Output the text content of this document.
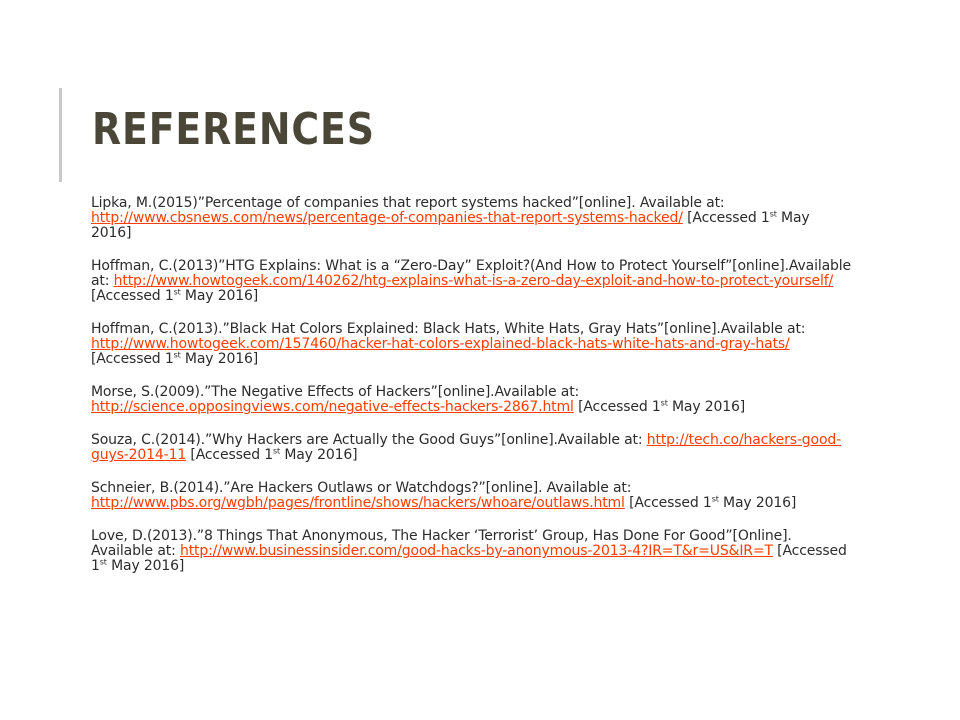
REFERENCES

Lipka, M.(2015)”Percentage of companies that report systems hacked”[online]. Available at: http://www.cbsnews.com/news/percentage-of-companies-that-report-systems-hacked/ [Accessed 1st May 2016]

Hoffman, C.(2013)”HTG Explains: What is a “Zero-Day” Exploit?(And How to Protect Yourself”[online].Available at: http://www.howtogeek.com/140262/htg-explains-what-is-a-zero-day-exploit-and-how-to-protect-yourself/ [Accessed 1st May 2016]

Hoffman, C.(2013).”Black Hat Colors Explained: Black Hats, White Hats, Gray Hats”[online].Available at: http://www.howtogeek.com/157460/hacker-hat-colors-explained-black-hats-white-hats-and-gray-hats/ [Accessed 1st May 2016]

Morse, S.(2009).”The Negative Effects of Hackers”[online].Available at: http://science.opposingviews.com/negative-effects-hackers-2867.html [Accessed 1st May 2016]

Souza, C.(2014).”Why Hackers are Actually the Good Guys”[online].Available at: http://tech.co/hackers-good-guys-2014-11 [Accessed 1st May 2016]

Schneier, B.(2014).”Are Hackers Outlaws or Watchdogs?”[online]. Available at: http://www.pbs.org/wgbh/pages/frontline/shows/hackers/whoare/outlaws.html [Accessed 1st May 2016]

Love, D.(2013).”8 Things That Anonymous, The Hacker ‘Terrorist’ Group, Has Done For Good”[Online]. Available at: http://www.businessinsider.com/good-hacks-by-anonymous-2013-4?IR=T&r=US&IR=T [Accessed 1st May 2016]
